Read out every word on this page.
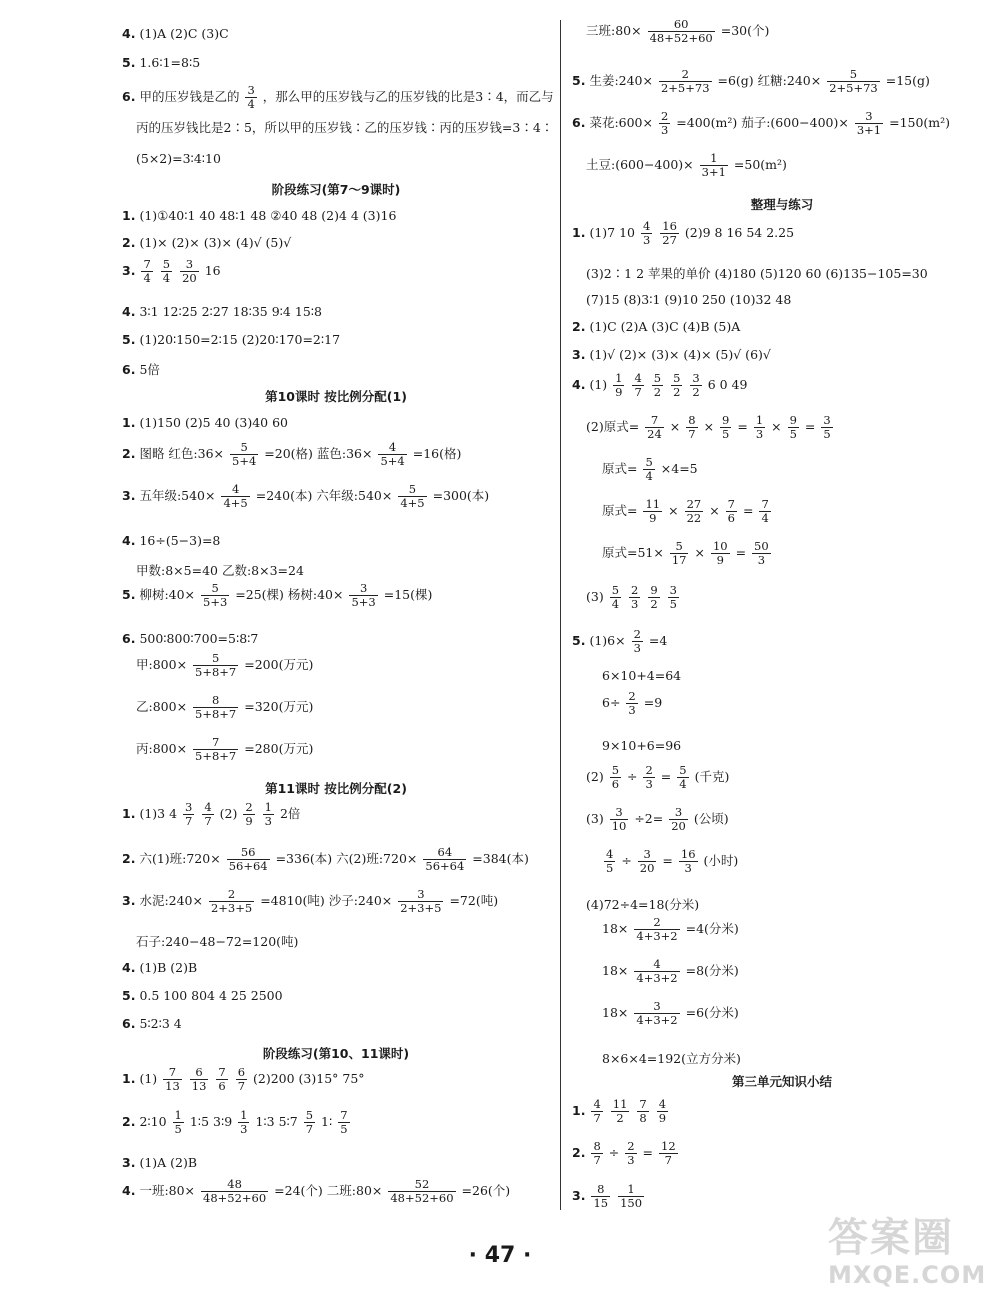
4. (1)A (2)C (3)C
5. 1.6∶1=8∶5
6. 甲的压岁钱是乙的 $\frac{3}{4}$ ，那么甲的压岁钱与乙的压岁钱的比是3∶4，而乙与
丙的压岁钱比是2∶5，所以甲的压岁钱∶乙的压岁钱∶丙的压岁钱=3∶4∶
(5×2)=3∶4∶10
阶段练习(第7～9课时)
1. (1)①40∶1 40 48∶1 48 ②40 48 (2)4 4 (3)16
2. (1)× (2)× (3)× (4)√ (5)√
3. $\frac{7}{4}$
$\frac{5}{4}$
$\frac{3}{20} 16$
4. 3∶1 12∶25 2∶27 18∶35 9∶4 15∶8
5. (1)20∶150=2∶15 (2)20∶170=2∶17
6. 5倍
第10课时 按比例分配(1)
1. (1)150 (2)5 40 (3)40 60
2. 图略 红色:36× $\frac{5}{5+4} =20$(格) 蓝色:36× $\frac{4}{5+4} =16$(格)
3. 五年级:540× $\frac{4}{4+5} =240$(本) 六年级:540× $\frac{5}{4+5} =300$(本)
4. 16÷(5−3)=8
甲数:8×5=40 乙数:8×3=24
5. 柳树:40× $\frac{5}{5+3} =25$(棵) 杨树:40× $\frac{3}{5+3} =15$(棵)
6. 500∶800∶700=5∶8∶7
甲:800× $\frac{5}{5+8+7} =200$(万元)
乙:800× $\frac{8}{5+8+7} =320$(万元)
丙:800× $\frac{7}{5+8+7} =280$(万元)
第11课时 按比例分配(2)
1. (1)3 $4 \frac{3}{7}$
$\frac{4}{7} (2) \frac{2}{9}$
$\frac{1}{3} 2$倍
2. 六(1)班:720× $\frac{56}{56+64} =336$(本) 六(2)班:720× $\frac{64}{56+64} =384$(本)
3. 水泥:240× $\frac{2}{2+3+5} =4810$(吨) 沙子:240× $\frac{3}{2+3+5} =72$(吨)
石子:240−48−72=120(吨)
4. (1)B (2)B
5. 0.5 100 804 4 25 2500
6. 5∶2∶3 4
阶段练习(第10、11课时)
1. $(1) \frac{7}{13}$
$\frac{6}{13}$
$\frac{7}{6}$
$\frac{6}{7} (2)200$ (3)15° 75°
2. 2∶10 $\frac{1}{5}$ 1∶5 3∶9 $\frac{1}{3}$ 1∶3 5∶7 $\frac{5}{7}$ 1∶ $\frac{7}{5}$
3. (1)A (2)B
4. 一班:80× $\frac{48}{48+52+60} =24$(个) 二班:80× $\frac{52}{48+52+60} =26$(个)
三班:80× $\frac{60}{48+52+60} =30$(个)
5. 生姜:240× $\frac{2}{2+5+73} =6(g)$ 红糖:240× $\frac{5}{2+5+73} =15(g)$
6. 菜花:600× $\frac{2}{3} =400(m^2)$ 茄子:(600−400)× $\frac{3}{3+1} =150(m^2)$
土豆:(600−400)× $\frac{1}{3+1} =50(m^2)$
整理与练习
1. (1)7 $10 \frac{4}{3}$
$\frac{16}{27} (2)9$ 8 16 54 2.25
(3)2∶1 2 苹果的单价 (4)180 (5)120 60 (6)135−105=30
(7)15 (8)3∶1 (9)10 250 (10)32 48
2. (1)C (2)A (3)C (4)B (5)A
3. (1)√ (2)× (3)× (4)× (5)√ (6)√
4. $(1) \frac{1}{9}$
$\frac{4}{7}$
$\frac{5}{2}$
$\frac{5}{2}$
$\frac{3}{2} 6$ 0 49
(2)原式= $\frac{7}{24} \times \frac{8}{7} \times \frac{9}{5} = \frac{1}{3} \times \frac{9}{5} = \frac{3}{5}$
原式= $\frac{5}{4} \times 4=5$
原式= $\frac{11}{9} \times \frac{27}{22} \times \frac{7}{6} = \frac{7}{4}$
原式$=51\times \frac{5}{17} \times \frac{10}{9} = \frac{50}{3}$
$(3) \frac{5}{4}$
$\frac{2}{3}$
$\frac{9}{2}$
$\frac{3}{5}$
5. $(1)6\times \frac{2}{3} =4$
6×10+4=64
$6\div \frac{2}{3} =9$
9×10+6=96
$(2) \frac{5}{6} \div \frac{2}{3} = \frac{5}{4}$ (千克)
$(3) \frac{3}{10} \div 2= \frac{3}{20}$ (公顷)
$\frac{4}{5} \div \frac{3}{20} = \frac{16}{3}$ (小时)
(4)72÷4=18(分米)
$18\times \frac{2}{4+3+2} =4$(分米)
$18\times \frac{4}{4+3+2} =8$(分米)
$18\times \frac{3}{4+3+2} =6$(分米)
8×6×4=192(立方分米)
第三单元知识小结
1. $\frac{4}{7}$
$\frac{11}{2}$
$\frac{7}{8}$
$\frac{4}{9}$
2. $\frac{8}{7} \div \frac{2}{3} = \frac{12}{7}$
3. $\frac{8}{15}$
$\frac{1}{150}$
· 47 ·	答案圈
MXQE.COM
